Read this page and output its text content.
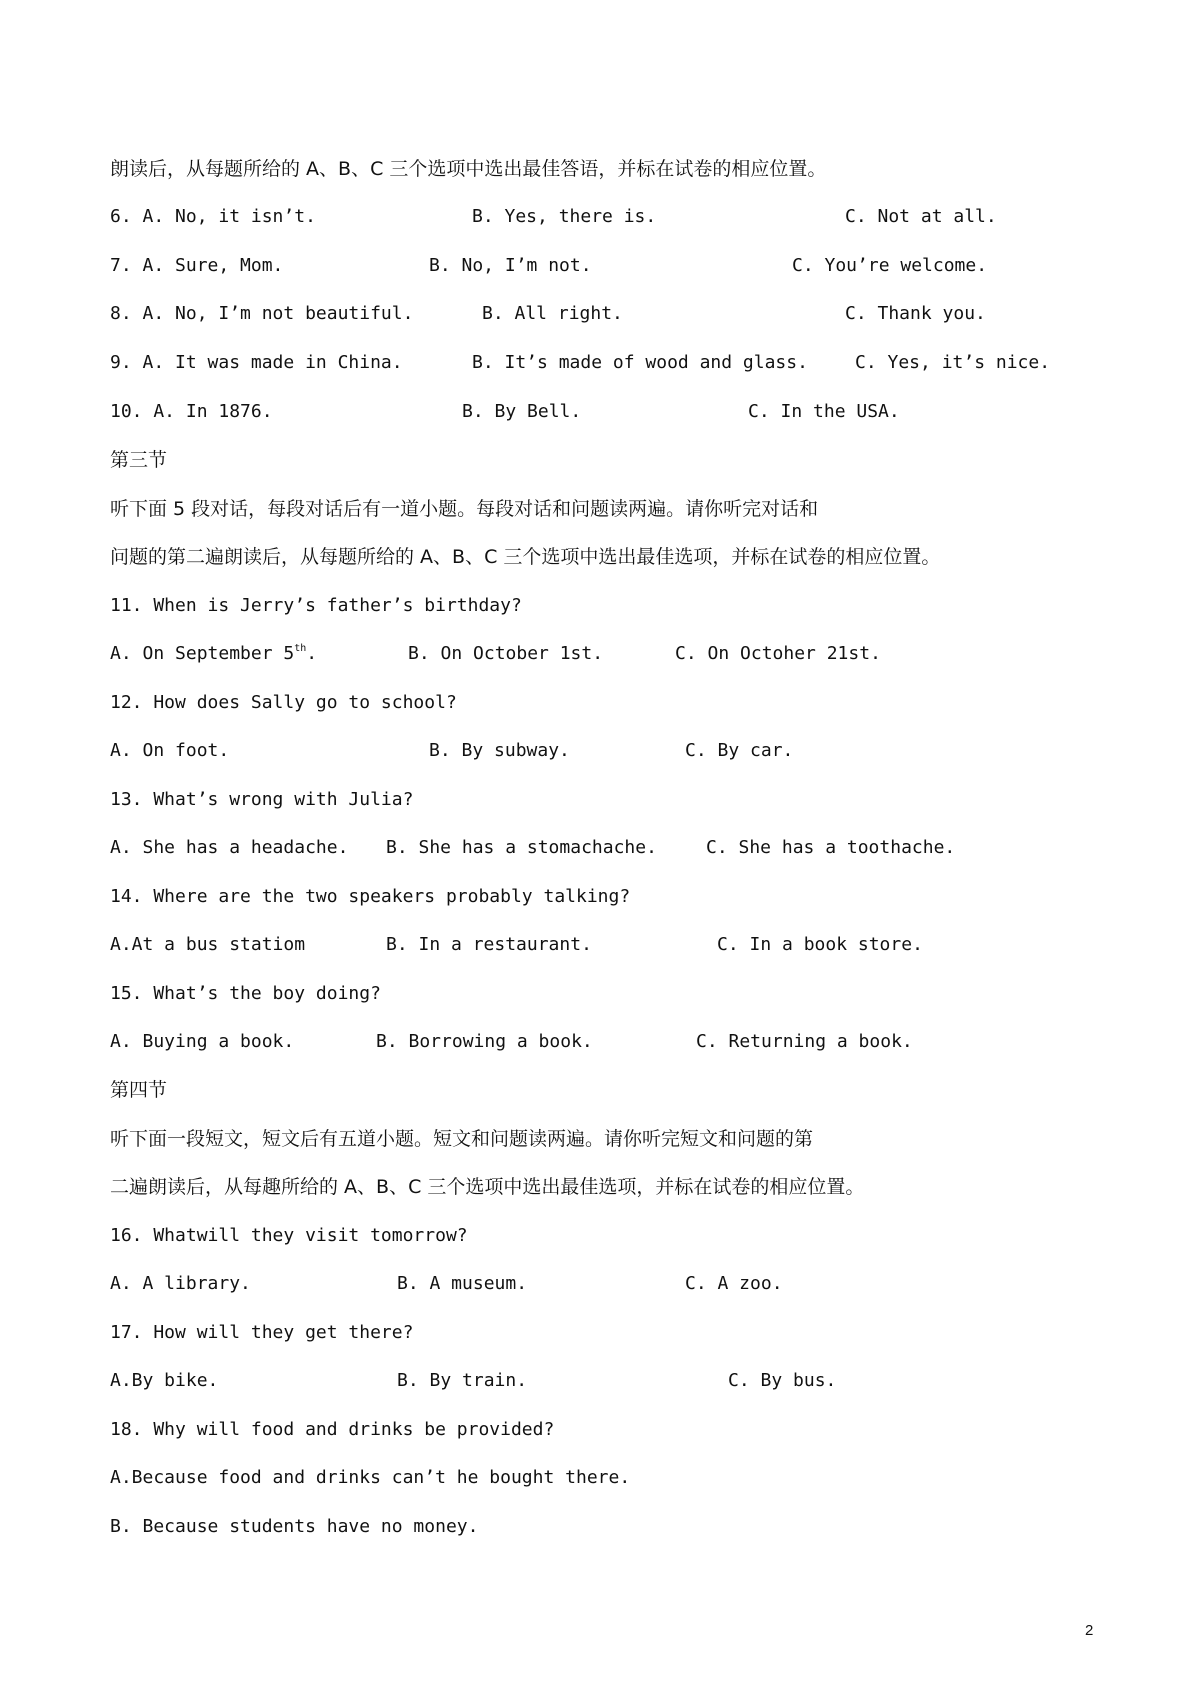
朗读后，从每题所给的 A、B、C 三个选项中选出最佳答语，并标在试卷的相应位置。
6. A. No, it isn’t.	B. Yes, there is.	C. Not at all.
7. A. Sure, Mom.	B. No, I’m not.	C. You’re welcome.
8. A. No, I’m not beautiful.	B. All right.	C. Thank you.
9. A. It was made in China.	B. It’s made of wood and glass.	C. Yes, it’s nice.
10. A. In 1876.	B. By Bell.	C. In the USA.
第三节
听下面 5 段对话，每段对话后有一道小题。每段对话和问题读两遍。请你听完对话和
问题的第二遍朗读后，从每题所给的 A、B、C 三个选项中选出最佳选项，并标在试卷的相应位置。
11. When is Jerry’s father’s birthday?
A. On September 5th.	B. On October 1st.	C. On Octoher 21st.
12. How does Sally go to school?
A. On foot.	B. By subway.	C. By car.
13. What’s wrong with Julia?
A. She has a headache. B. She has a stomachache.	C. She has a toothache.
14. Where are the two speakers probably talking?
A.At a bus statiom	B. In a restaurant.	C. In a book store.
15. What’s the boy doing?
A. Buying a book.	B. Borrowing a book.	C. Returning a book.
第四节
听下面一段短文，短文后有五道小题。短文和问题读两遍。请你听完短文和问题的第
二遍朗读后，从每趣所给的 A、B、C 三个选项中选出最佳选项，并标在试卷的相应位置。
16. Whatwill they visit tomorrow?
A. A library.	B. A museum.	C. A zoo.
17. How will they get there?
A.By bike.	B. By train.	C. By bus.
18. Why will food and drinks be provided?
A.Because food and drinks can’t he bought there.
B. Because students have no money.
2
